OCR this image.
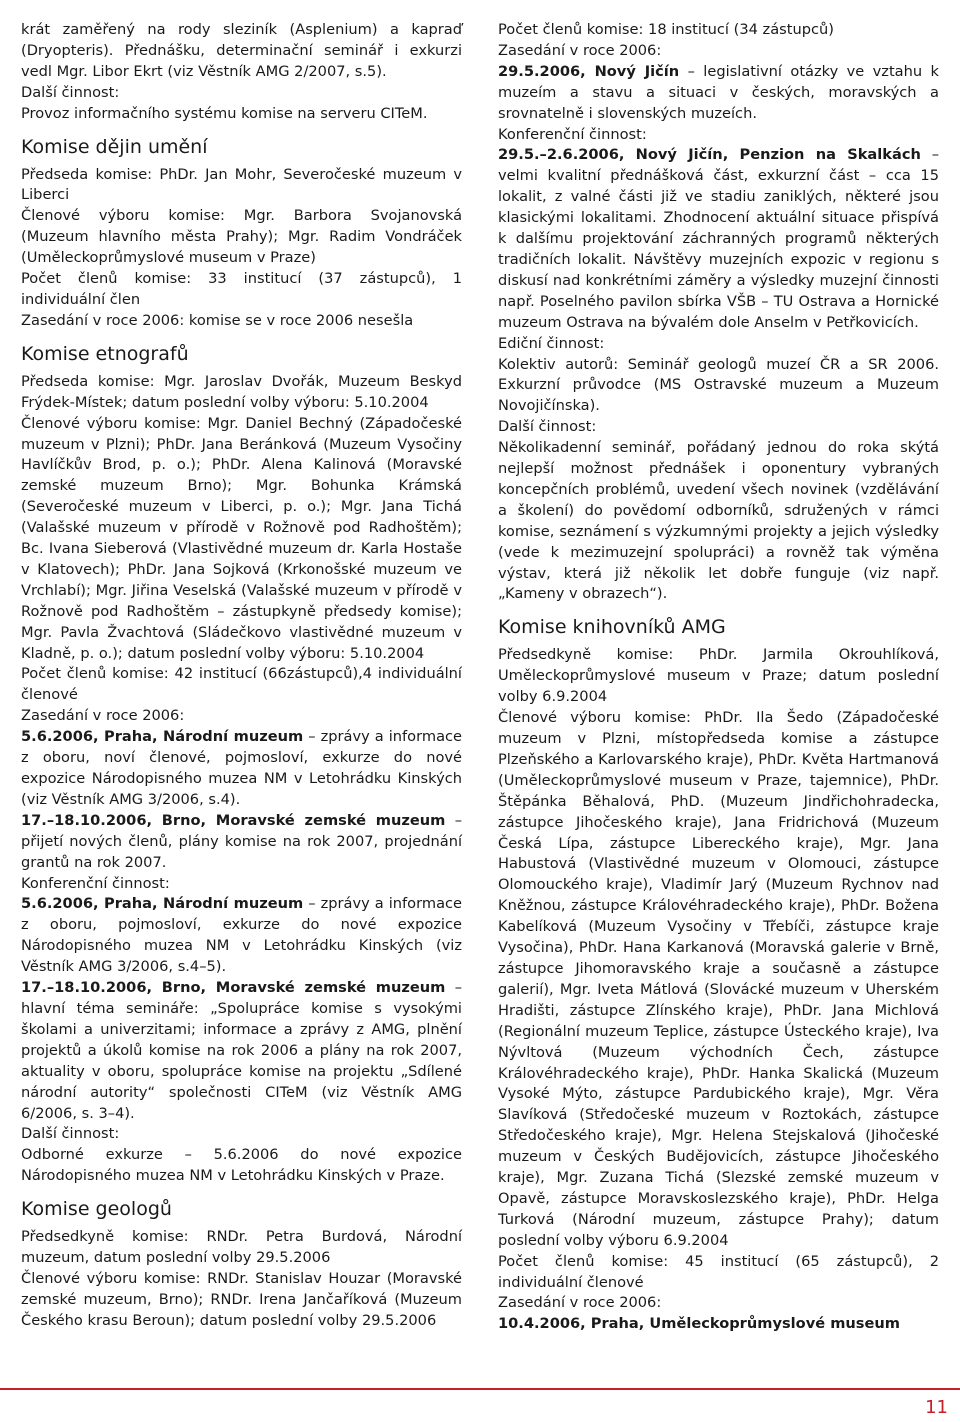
krát zaměřený na rody sleziník (Asplenium) a kapraď (Dryopteris). Přednášku, determinační seminář i exkurzi vedl Mgr. Libor Ekrt (viz Věstník AMG 2/2007, s.5).
Další činnost:
Provoz informačního systému komise na serveru CITeM.
Komise dějin umění
Předseda komise: PhDr. Jan Mohr, Severočeské muzeum v Liberci
Členové výboru komise: Mgr. Barbora Svojanovská (Muzeum hlavního města Prahy); Mgr. Radim Vondráček (Uměleckoprůmyslové museum v Praze)
Počet členů komise: 33 institucí (37 zástupců), 1 individuální člen
Zasedání v roce 2006: komise se v roce 2006 nesešla
Komise etnografů
Předseda komise: Mgr. Jaroslav Dvořák, Muzeum Beskyd Frýdek-Místek; datum poslední volby výboru: 5.10.2004
Členové výboru komise: Mgr. Daniel Bechný (Západočeské muzeum v Plzni); PhDr. Jana Beránková (Muzeum Vysočiny Havlíčkův Brod, p. o.); PhDr. Alena Kalinová (Moravské zemské muzeum Brno); Mgr. Bohunka Krámská (Severočeské muzeum v Liberci, p. o.); Mgr. Jana Tichá (Valašské muzeum v přírodě v Rožnově pod Radhoštěm); Bc. Ivana Sieberová (Vlastivědné muzeum dr. Karla Hostaše v Klatovech); PhDr. Jana Sojková (Krkonošské muzeum ve Vrchlabí); Mgr. Jiřina Veselská (Valašské muzeum v přírodě v Rožnově pod Radhoštěm – zástupkyně předsedy komise); Mgr. Pavla Žvachtová (Sládečkovo vlastivědné muzeum v Kladně, p. o.); datum poslední volby výboru: 5.10.2004
Počet členů komise: 42 institucí (66zástupců),4 individuální členové
Zasedání v roce 2006:
5.6.2006, Praha, Národní muzeum – zprávy a informace z oboru, noví členové, pojmosloví, exkurze do nové expozice Národopisného muzea NM v Letohrádku Kinských (viz Věstník AMG 3/2006, s.4).
17.–18.10.2006, Brno, Moravské zemské muzeum – přijetí nových členů, plány komise na rok 2007, projednání grantů na rok 2007.
Konferenční činnost:
5.6.2006, Praha, Národní muzeum – zprávy a informace z oboru, pojmosloví, exkurze do nové expozice Národopisného muzea NM v Letohrádku Kinských (viz Věstník AMG 3/2006, s.4–5).
17.–18.10.2006, Brno, Moravské zemské muzeum – hlavní téma semináře: „Spolupráce komise s vysokými školami a univerzitami; informace a zprávy z AMG, plnění projektů a úkolů komise na rok 2006 a plány na rok 2007, aktuality v oboru, spolupráce komise na projektu „Sdílené národní autority“ společnosti CITeM (viz Věstník AMG 6/2006, s. 3–4).
Další činnost:
Odborné exkurze – 5.6.2006 do nové expozice Národopisného muzea NM v Letohrádku Kinských v Praze.
Komise geologů
Předsedkyně komise: RNDr. Petra Burdová, Národní muzeum, datum poslední volby 29.5.2006
Členové výboru komise: RNDr. Stanislav Houzar (Moravské zemské muzeum, Brno); RNDr. Irena Jančaříková (Muzeum Českého krasu Beroun); datum poslední volby 29.5.2006
Počet členů komise: 18 institucí (34 zástupců)
Zasedání v roce 2006:
29.5.2006, Nový Jičín – legislativní otázky ve vztahu k muzeím a stavu a situaci v českých, moravských a srovnatelně i slovenských muzeích.
Konferenční činnost:
29.5.–2.6.2006, Nový Jičín, Penzion na Skalkách – velmi kvalitní přednášková část, exkurzní část – cca 15 lokalit, z valné části již ve stadiu zaniklých, některé jsou klasickými lokalitami. Zhodnocení aktuální situace přispívá k dalšímu projektování záchranných programů některých tradičních lokalit. Návštěvy muzejních expozic v regionu s diskusí nad konkrétními záměry a výsledky muzejní činnosti např. Poselného pavilon sbírka VŠB – TU Ostrava a Hornické muzeum Ostrava na bývalém dole Anselm v Petřkovicích.
Ediční činnost:
Kolektiv autorů: Seminář geologů muzeí ČR a SR 2006. Exkurzní průvodce (MS Ostravské muzeum a Muzeum Novojičínska).
Další činnost:
Několikadenní seminář, pořádaný jednou do roka skýtá nejlepší možnost přednášek i oponentury vybraných koncepčních problémů, uvedení všech novinek (vzdělávání a školení) do povědomí odborníků, sdružených v rámci komise, seznámení s výzkumnými projekty a jejich výsledky (vede k mezimuzejní spolupráci) a rovněž tak výměna výstav, která již několik let dobře funguje (viz např. „Kameny v obrazech“).
Komise knihovníků AMG
Předsedkyně komise: PhDr. Jarmila Okrouhlíková, Uměleckoprůmyslové museum v Praze; datum poslední volby 6.9.2004
Členové výboru komise: PhDr. Ila Šedo (Západočeské muzeum v Plzni, místopředseda komise a zástupce Plzeňského a Karlovarského kraje), PhDr. Květa Hartmanová (Uměleckoprůmyslové museum v Praze, tajemnice), PhDr. Štěpánka Běhalová, PhD. (Muzeum Jindřichohradecka, zástupce Jihočeského kraje), Jana Fridrichová (Muzeum Česká Lípa, zástupce Libereckého kraje), Mgr. Jana Habustová (Vlastivědné muzeum v Olomouci, zástupce Olomouckého kraje), Vladimír Jarý (Muzeum Rychnov nad Kněžnou, zástupce Královéhradeckého kraje), PhDr. Božena Kabelíková (Muzeum Vysočiny v Třebíči, zástupce kraje Vysočina), PhDr. Hana Karkanová (Moravská galerie v Brně, zástupce Jihomoravského kraje a současně a zástupce galerií), Mgr. Iveta Mátlová (Slovácké muzeum v Uherském Hradišti, zástupce Zlínského kraje), PhDr. Jana Michlová (Regionální muzeum Teplice, zástupce Ústeckého kraje), Iva Nývltová (Muzeum východních Čech, zástupce Královéhradeckého kraje), PhDr. Hanka Skalická (Muzeum Vysoké Mýto, zástupce Pardubického kraje), Mgr. Věra Slavíková (Středočeské muzeum v Roztokách, zástupce Středočeského kraje), Mgr. Helena Stejskalová (Jihočeské muzeum v Českých Budějovicích, zástupce Jihočeského kraje), Mgr. Zuzana Tichá (Slezské zemské muzeum v Opavě, zástupce Moravskoslezského kraje), PhDr. Helga Turková (Národní muzeum, zástupce Prahy); datum poslední volby výboru 6.9.2004
Počet členů komise: 45 institucí (65 zástupců), 2 individuální členové
Zasedání v roce 2006:
10.4.2006, Praha, Uměleckoprůmyslové museum
11
